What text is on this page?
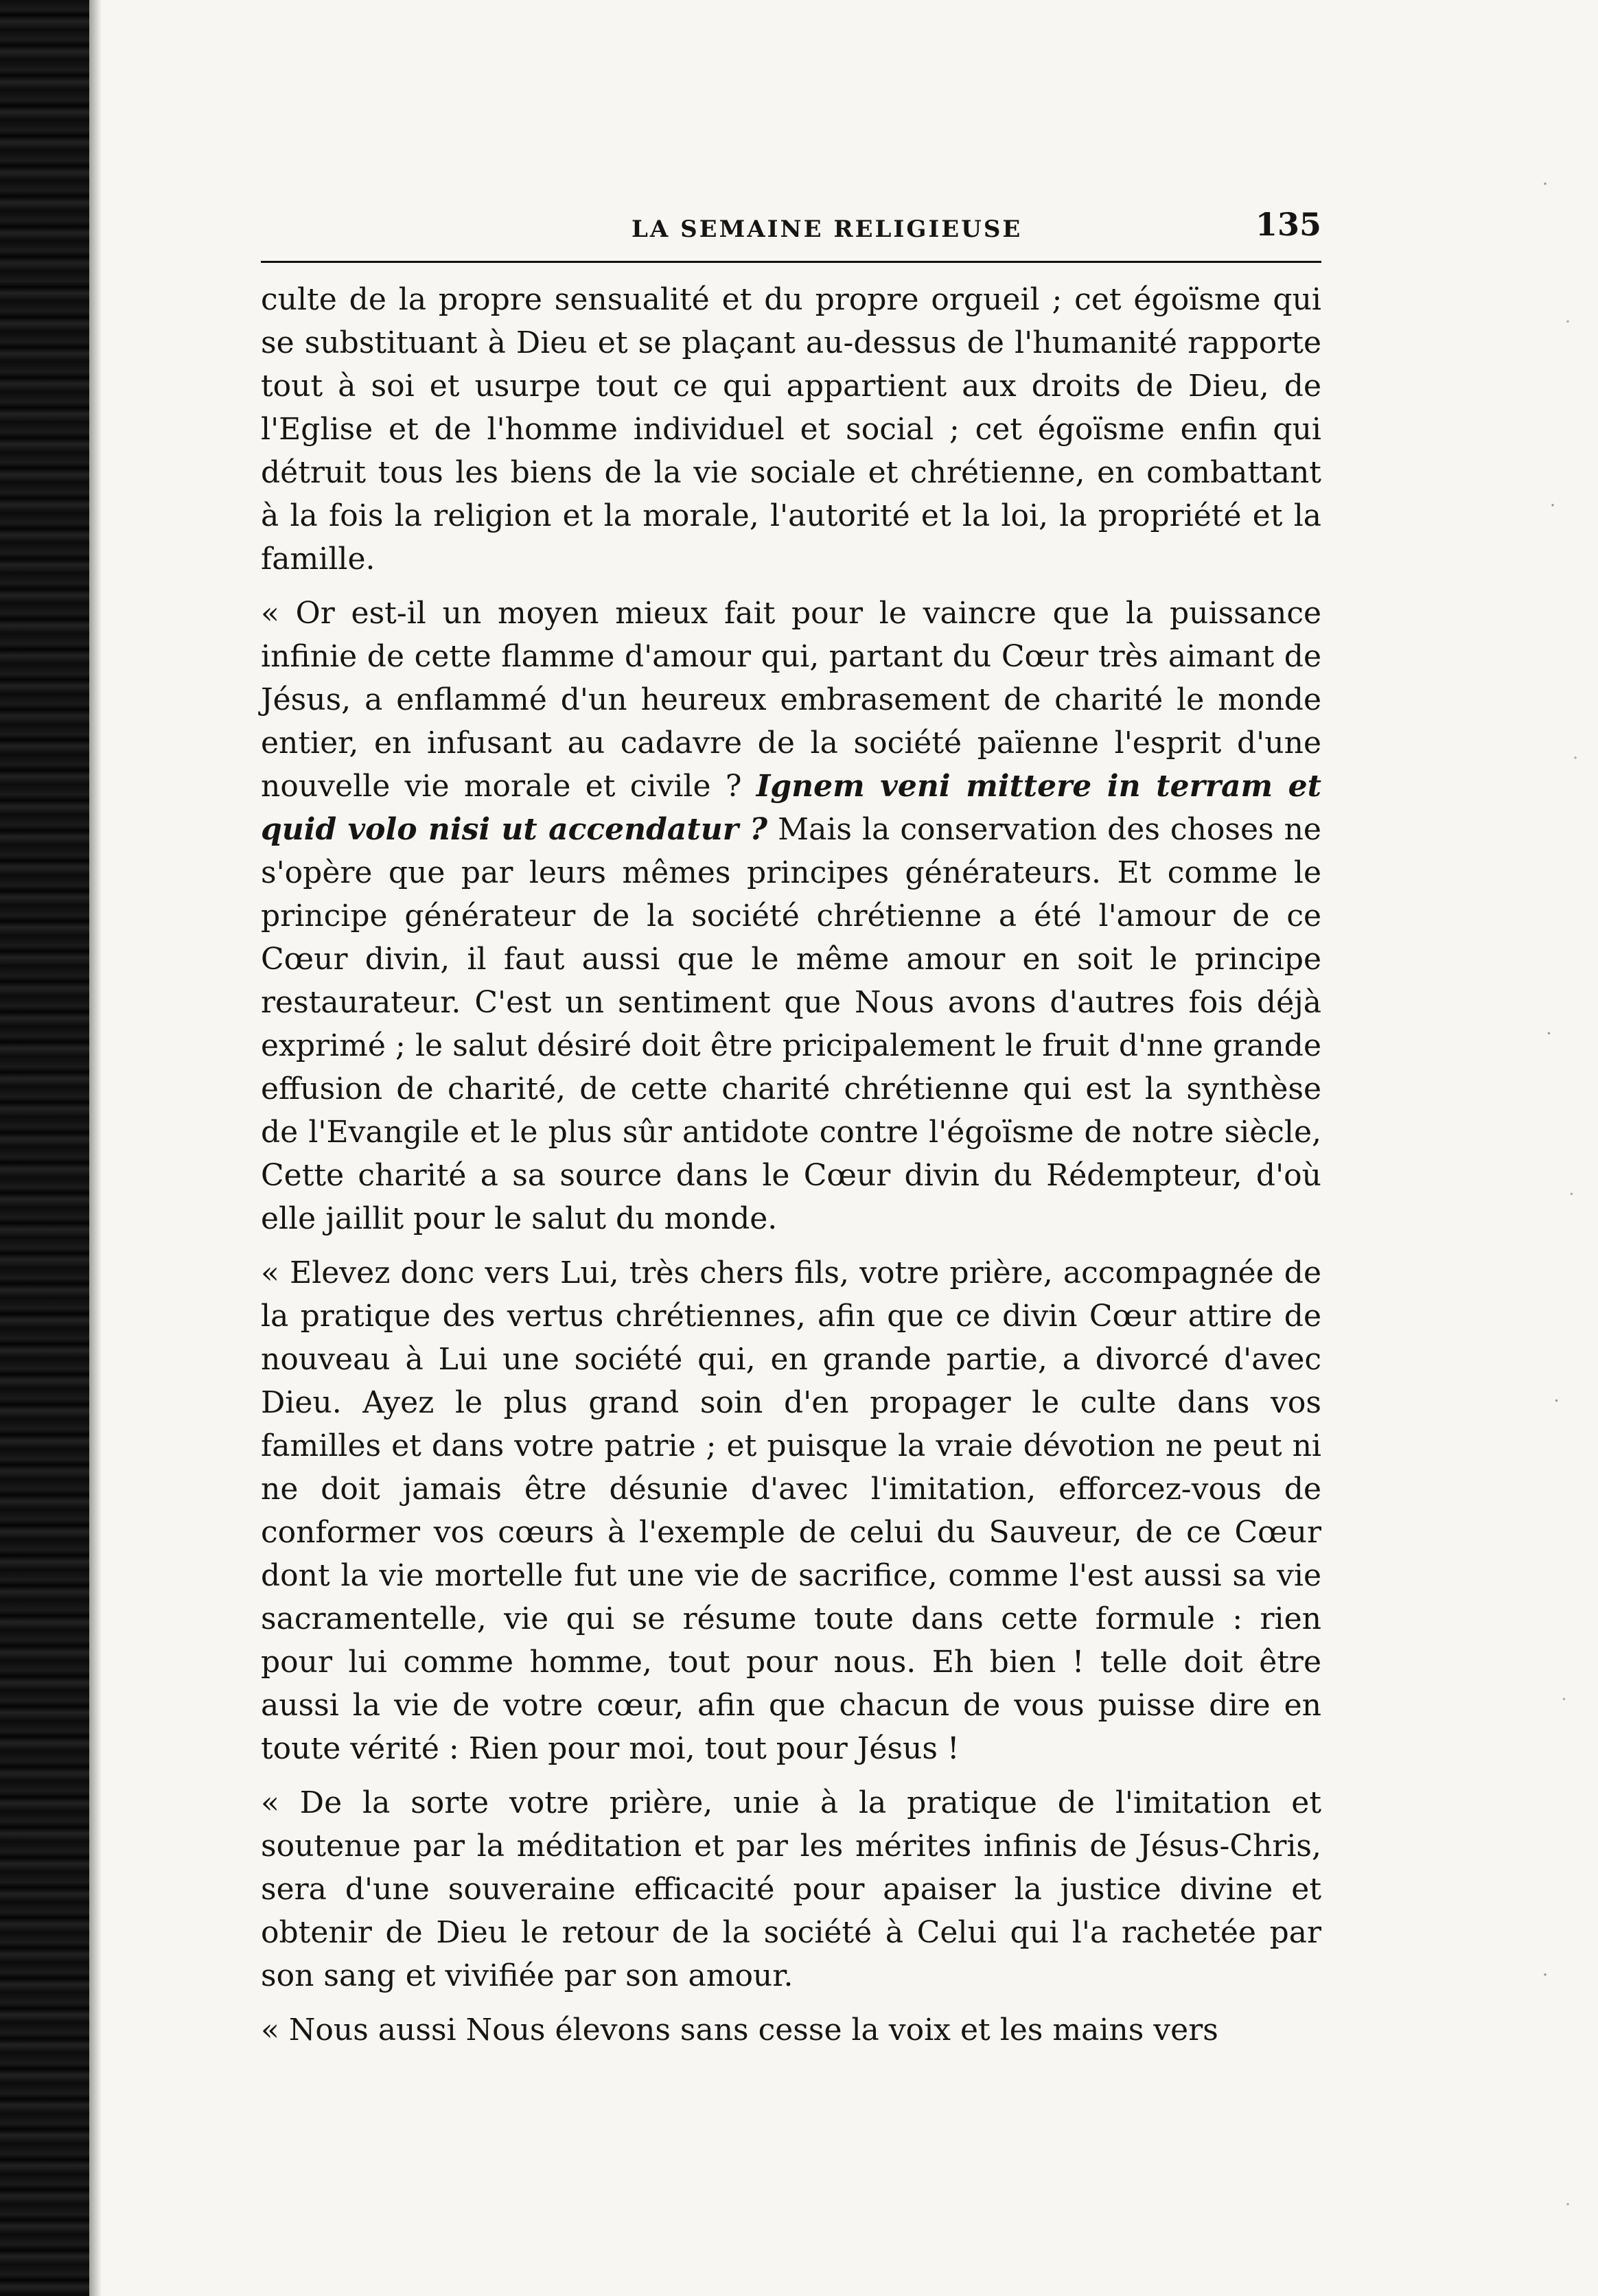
LA SEMAINE RELIGIEUSE	135

culte de la propre sensualité et du propre orgueil ; cet égoïsme qui se substituant à Dieu et se plaçant au-dessus de l'humanité rapporte tout à soi et usurpe tout ce qui appartient aux droits de Dieu, de l'Eglise et de l'homme individuel et social ; cet égoïsme enfin qui détruit tous les biens de la vie sociale et chrétienne, en combattant à la fois la religion et la morale, l'autorité et la loi, la propriété et la famille.

« Or est-il un moyen mieux fait pour le vaincre que la puissance infinie de cette flamme d'amour qui, partant du Cœur très aimant de Jésus, a enflammé d'un heureux embrasement de charité le monde entier, en infusant au cadavre de la société païenne l'esprit d'une nouvelle vie morale et civile ? Ignem veni mittere in terram et quid volo nisi ut accendatur ? Mais la conservation des choses ne s'opère que par leurs mêmes principes générateurs. Et comme le principe générateur de la société chrétienne a été l'amour de ce Cœur divin, il faut aussi que le même amour en soit le principe restaurateur. C'est un sentiment que Nous avons d'autres fois déjà exprimé ; le salut désiré doit être pricipalement le fruit d'nne grande effusion de charité, de cette charité chrétienne qui est la synthèse de l'Evangile et le plus sûr antidote contre l'égoïsme de notre siècle, Cette charité a sa source dans le Cœur divin du Rédempteur, d'où elle jaillit pour le salut du monde.

« Elevez donc vers Lui, très chers fils, votre prière, accompagnée de la pratique des vertus chrétiennes, afin que ce divin Cœur attire de nouveau à Lui une société qui, en grande partie, a divorcé d'avec Dieu. Ayez le plus grand soin d'en propager le culte dans vos familles et dans votre patrie ; et puisque la vraie dévotion ne peut ni ne doit jamais être désunie d'avec l'imitation, efforcez-vous de conformer vos cœurs à l'exemple de celui du Sauveur, de ce Cœur dont la vie mortelle fut une vie de sacrifice, comme l'est aussi sa vie sacramentelle, vie qui se résume toute dans cette formule : rien pour lui comme homme, tout pour nous. Eh bien ! telle doit être aussi la vie de votre cœur, afin que chacun de vous puisse dire en toute vérité : Rien pour moi, tout pour Jésus !

« De la sorte votre prière, unie à la pratique de l'imitation et soutenue par la méditation et par les mérites infinis de Jésus-Chris, sera d'une souveraine efficacité pour apaiser la justice divine et obtenir de Dieu le retour de la société à Celui qui l'a rachetée par son sang et vivifiée par son amour.

« Nous aussi Nous élevons sans cesse la voix et les mains vers
